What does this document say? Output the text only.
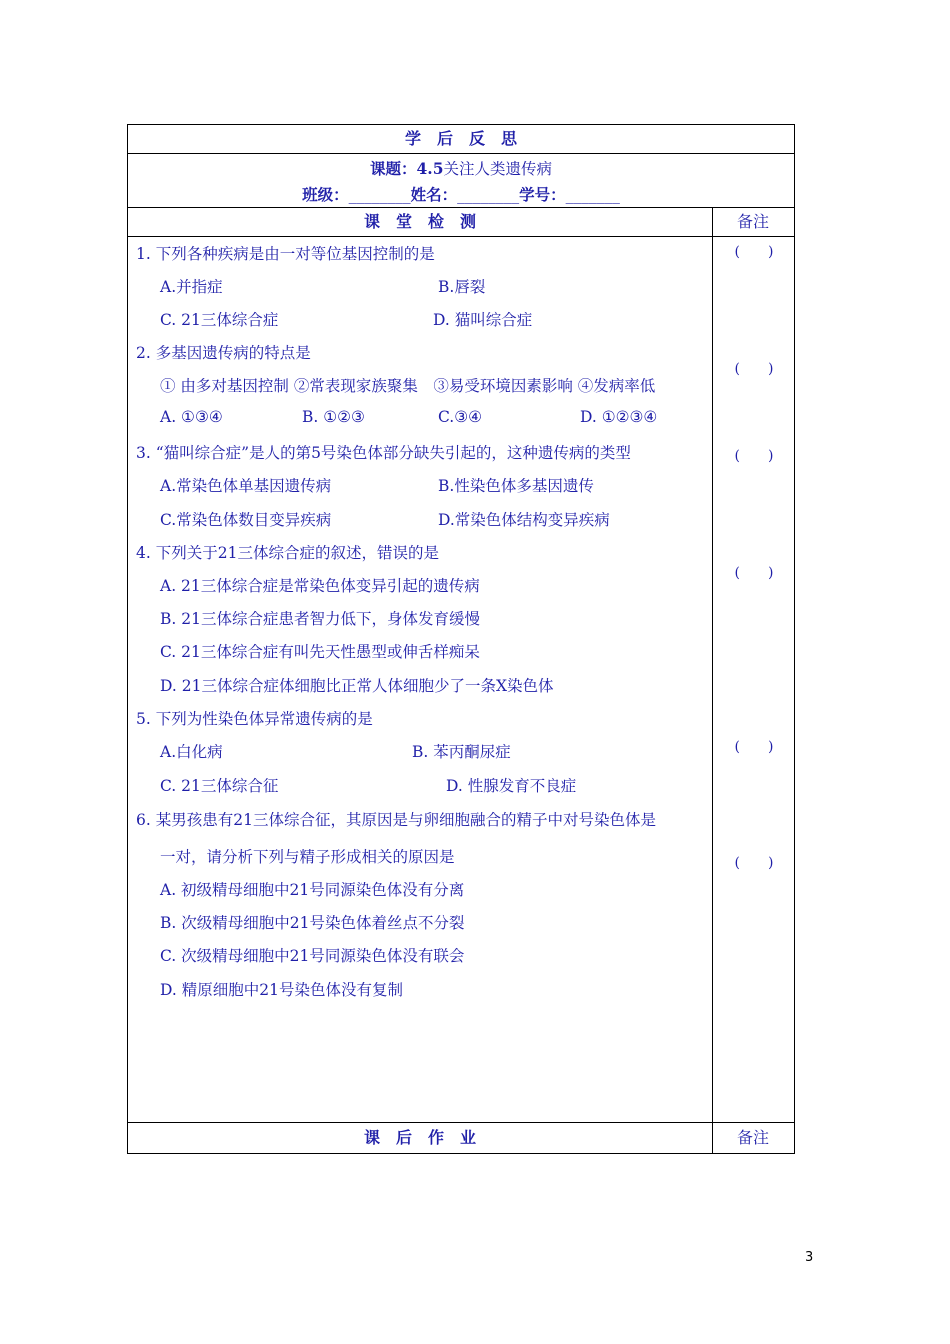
学　后　反　思
课题：4.5关注人类遗传病
班级：________姓名：________学号：_______
课　堂　检　测	备注
1. 下列各种疾病是由一对等位基因控制的是
A.并指症	B.唇裂
C. 21三体综合症	D. 猫叫综合症
(　　)
2. 多基因遗传病的特点是
① 由多对基因控制 ②常表现家族聚集　③易受环境因素影响 ④发病率低
A. ①③④	B. ①②③	C.③④	D. ①②③④
(　　)
3. “猫叫综合症”是人的第5号染色体部分缺失引起的，这种遗传病的类型
A.常染色体单基因遗传病	B.性染色体多基因遗传
C.常染色体数目变异疾病	D.常染色体结构变异疾病
(　　)
4. 下列关于21三体综合症的叙述，错误的是
A. 21三体综合症是常染色体变异引起的遗传病
B. 21三体综合症患者智力低下，身体发育缓慢
C. 21三体综合症有叫先天性愚型或伸舌样痴呆
D. 21三体综合症体细胞比正常人体细胞少了一条X染色体
(　　)
5. 下列为性染色体异常遗传病的是
A.白化病	B. 苯丙酮尿症
C. 21三体综合征	D. 性腺发育不良症
(　　)
6. 某男孩患有21三体综合征，其原因是与卵细胞融合的精子中对号染色体是
一对，请分析下列与精子形成相关的原因是
A. 初级精母细胞中21号同源染色体没有分离
B. 次级精母细胞中21号染色体着丝点不分裂
C. 次级精母细胞中21号同源染色体没有联会
D. 精原细胞中21号染色体没有复制
(　　)
课　后　作　业	备注
3
